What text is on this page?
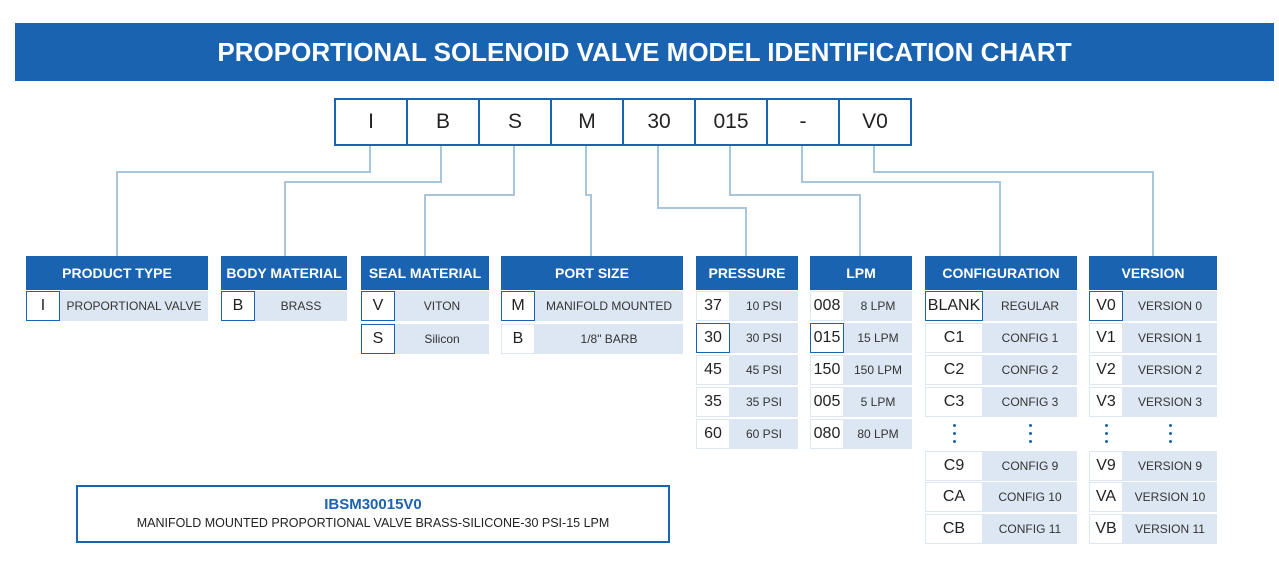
PROPORTIONAL SOLENOID VALVE MODEL IDENTIFICATION CHART
I	B	S	M	30	015	-	V0
PRODUCT TYPE
I	PROPORTIONAL VALVE
BODY MATERIAL
B	BRASS
SEAL MATERIAL
V	VITON
S	Silicon
PORT SIZE
M	MANIFOLD MOUNTED
B	1/8" BARB
PRESSURE
37	10 PSI
30	30 PSI
45	45 PSI
35	35 PSI
60	60 PSI
LPM
008	8 LPM
015	15 LPM
150	150 LPM
005	5 LPM
080	80 LPM
CONFIGURATION
BLANK	REGULAR
C1	CONFIG 1
C2	CONFIG 2
C3	CONFIG 3
C9	CONFIG 9
CA	CONFIG 10
CB	CONFIG 11
VERSION
V0	VERSION 0
V1	VERSION 1
V2	VERSION 2
V3	VERSION 3
V9	VERSION 9
VA	VERSION 10
VB	VERSION 11
IBSM30015V0
MANIFOLD MOUNTED PROPORTIONAL VALVE BRASS-SILICONE-30 PSI-15 LPM
